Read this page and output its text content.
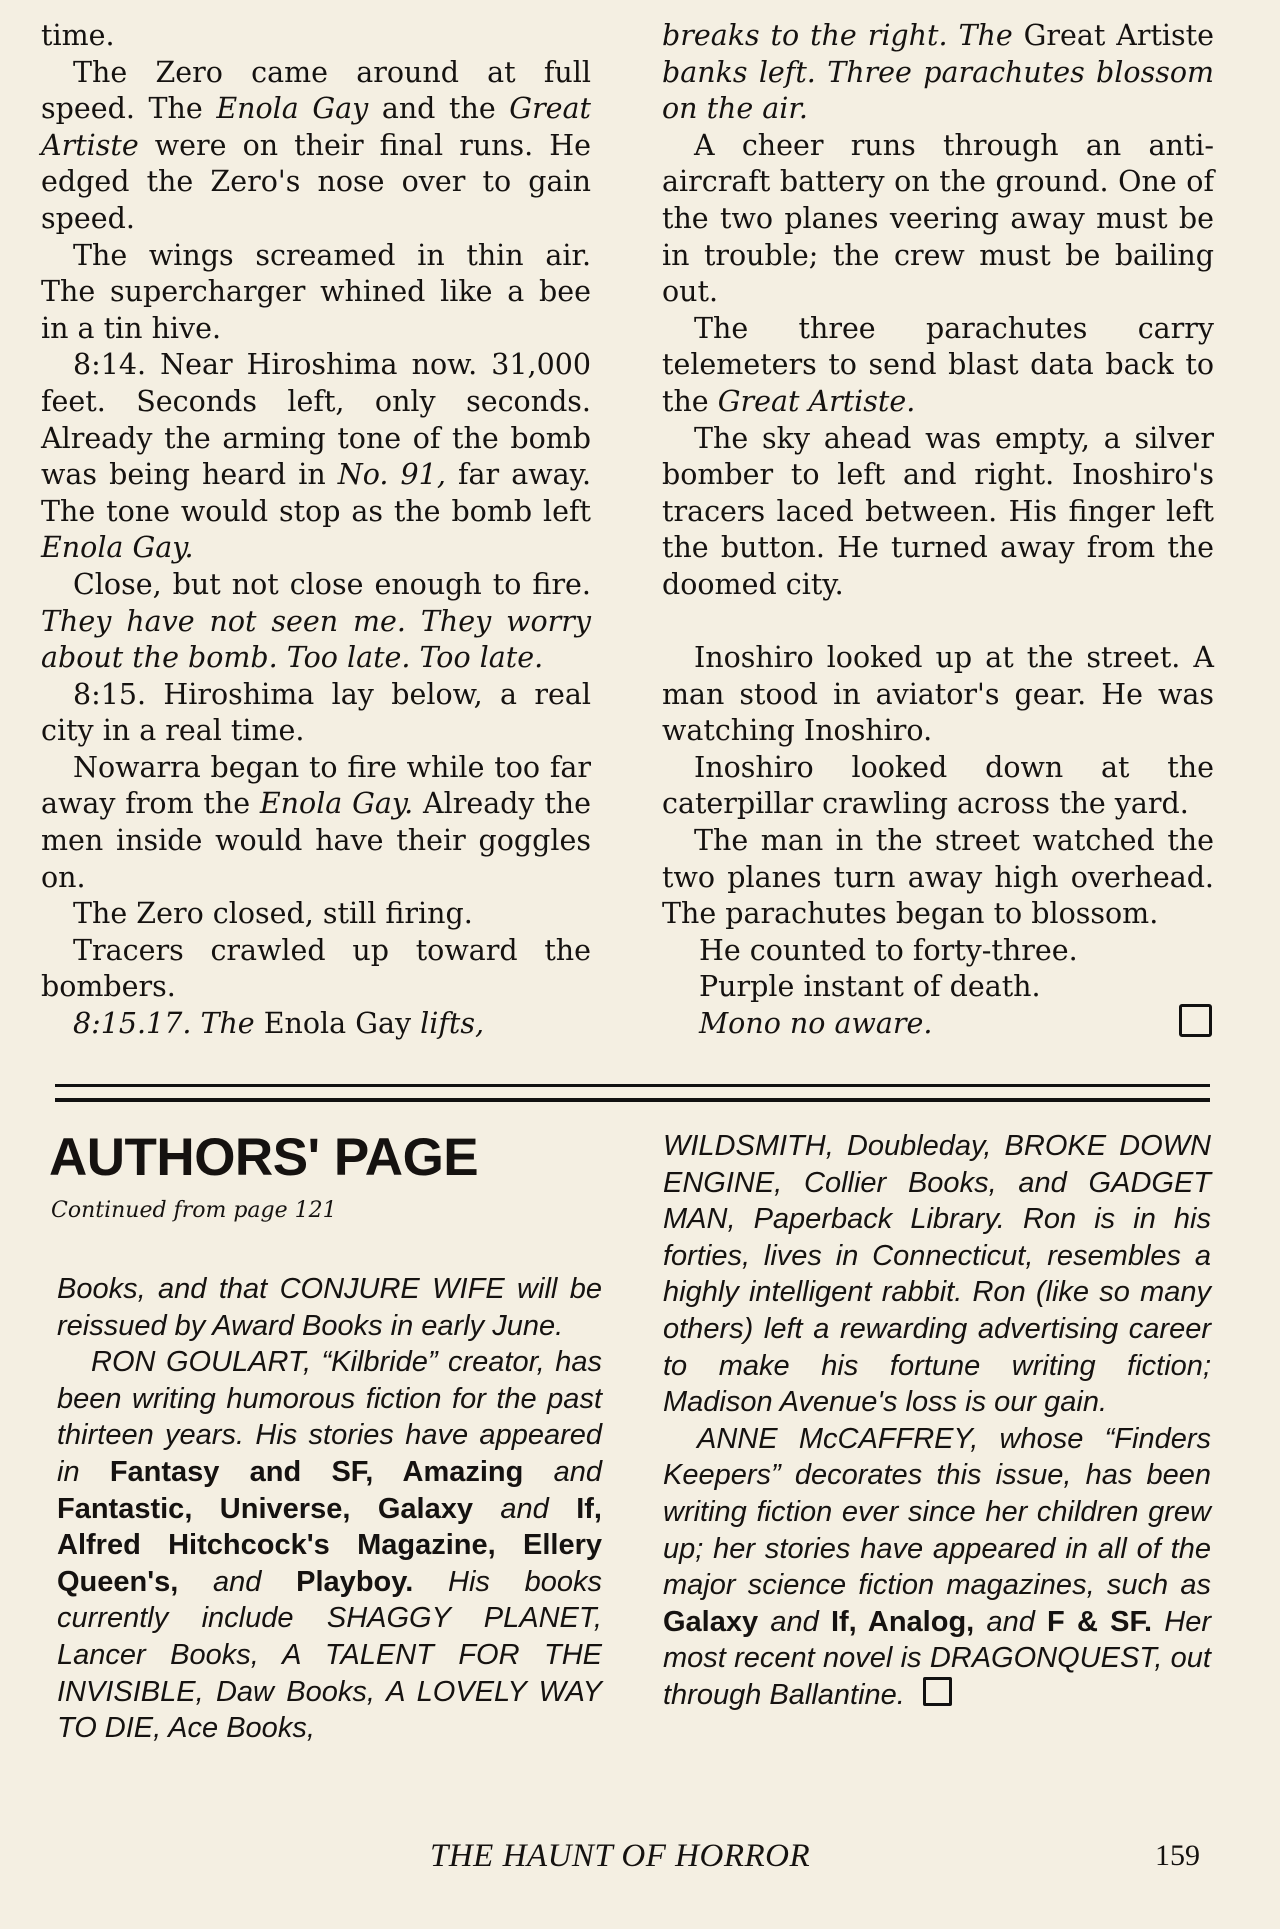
time.

The Zero came around at full speed. The Enola Gay and the Great Artiste were on their final runs. He edged the Zero's nose over to gain speed.

The wings screamed in thin air. The supercharger whined like a bee in a tin hive.

8:14. Near Hiroshima now. 31,000 feet. Seconds left, only seconds. Already the arming tone of the bomb was being heard in No. 91, far away. The tone would stop as the bomb left Enola Gay.

Close, but not close enough to fire. They have not seen me. They worry about the bomb. Too late. Too late.

8:15. Hiroshima lay below, a real city in a real time.

Nowarra began to fire while too far away from the Enola Gay. Already the men inside would have their goggles on.

The Zero closed, still firing.

Tracers crawled up toward the bombers.

8:15.17. The Enola Gay lifts,

breaks to the right. The Great Artiste banks left. Three parachutes blossom on the air.

A cheer runs through an anti-aircraft battery on the ground. One of the two planes veering away must be in trouble; the crew must be bailing out.

The three parachutes carry telemeters to send blast data back to the Great Artiste.

The sky ahead was empty, a silver bomber to left and right. Inoshiro's tracers laced between. His finger left the button. He turned away from the doomed city.

Inoshiro looked up at the street. A man stood in aviator's gear. He was watching Inoshiro.

Inoshiro looked down at the caterpillar crawling across the yard.

The man in the street watched the two planes turn away high overhead. The parachutes began to blossom.

He counted to forty-three.

Purple instant of death.

Mono no aware.

AUTHORS' PAGE
Continued from page 121

Books, and that CONJURE WIFE will be reissued by Award Books in early June.

RON GOULART, “Kilbride” creator, has been writing humorous fiction for the past thirteen years. His stories have appeared in Fantasy and SF, Amazing and Fantastic, Universe, Galaxy and If, Alfred Hitchcock's Magazine, Ellery Queen's, and Playboy. His books currently include SHAGGY PLANET, Lancer Books, A TALENT FOR THE INVISIBLE, Daw Books, A LOVELY WAY TO DIE, Ace Books,

WILDSMITH, Doubleday, BROKE DOWN ENGINE, Collier Books, and GADGET MAN, Paperback Library. Ron is in his forties, lives in Connecticut, resembles a highly intelligent rabbit. Ron (like so many others) left a rewarding advertising career to make his fortune writing fiction; Madison Avenue's loss is our gain.

ANNE McCAFFREY, whose “Finders Keepers” decorates this issue, has been writing fiction ever since her children grew up; her stories have appeared in all of the major science fiction magazines, such as Galaxy and If, Analog, and F & SF. Her most recent novel is DRAGONQUEST, out through Ballantine.

THE HAUNT OF HORROR	159
